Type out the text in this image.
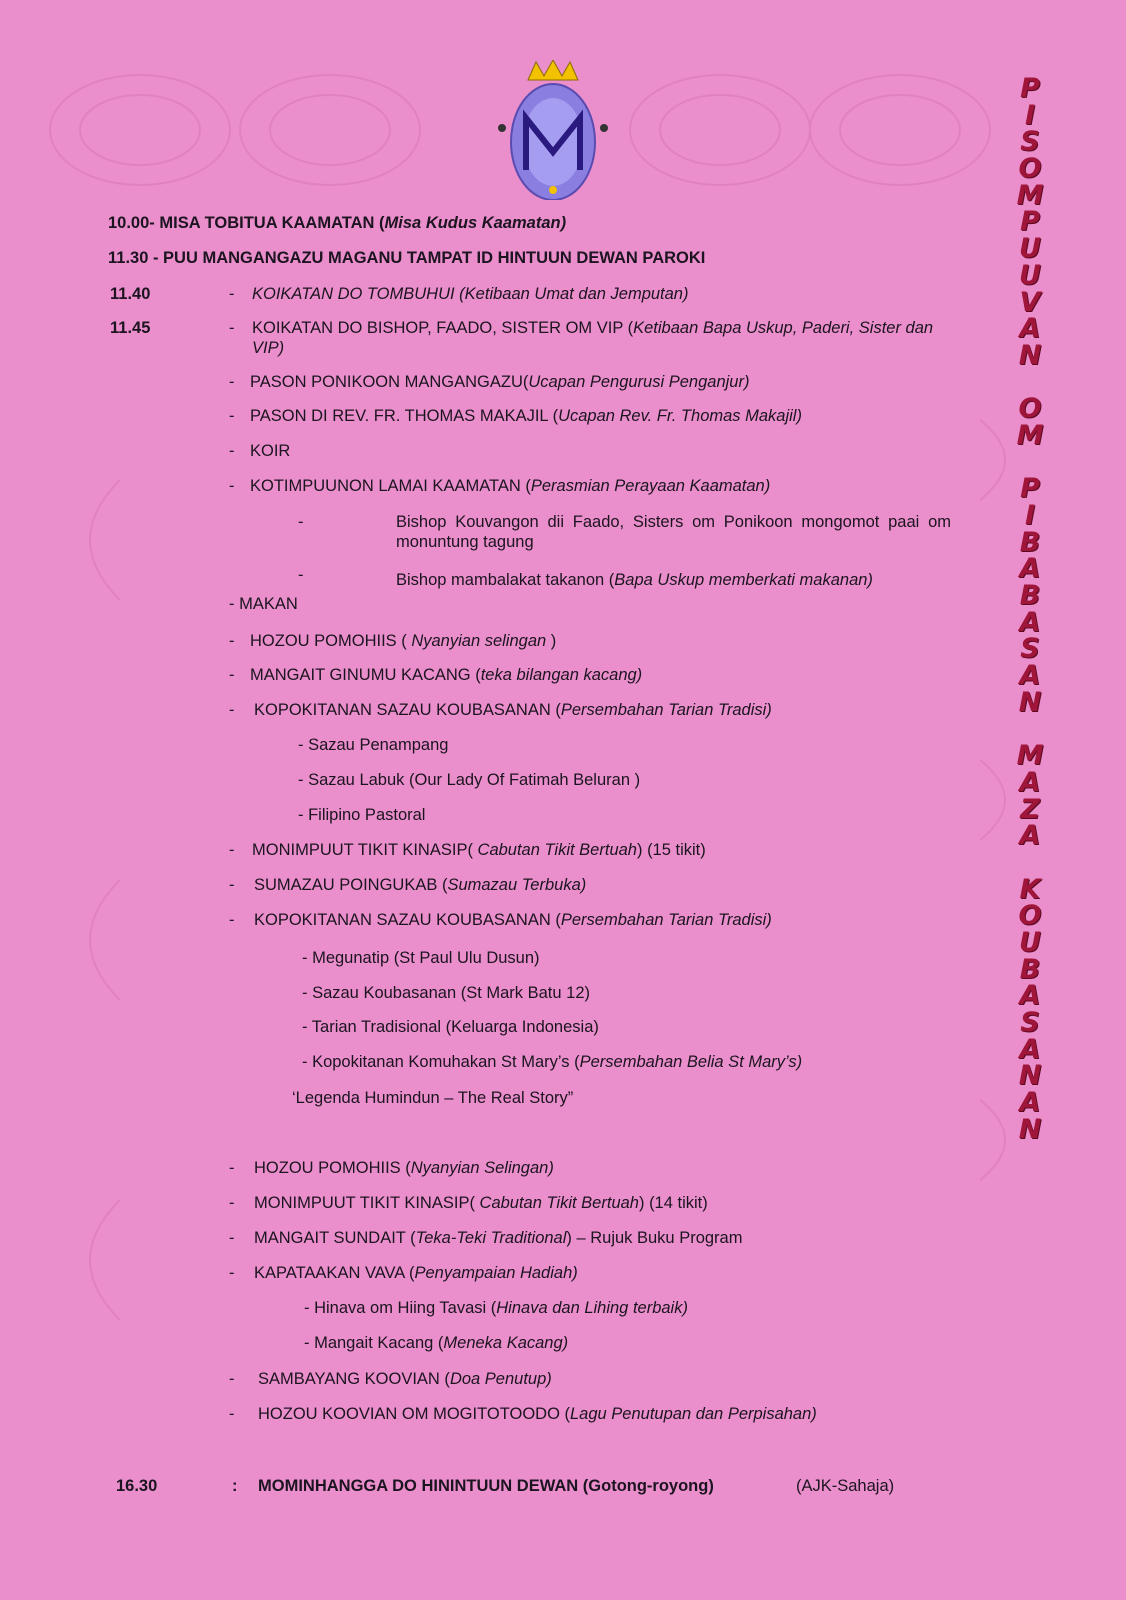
10.00- MISA TOBITUA KAAMATAN (Misa Kudus Kaamatan)
11.30 - PUU MANGANGAZU MAGANU TAMPAT ID HINTUUN DEWAN PAROKI
11.40	- KOIKATAN DO TOMBUHUI (Ketibaan Umat dan Jemputan)
11.45	- KOIKATAN DO BISHOP, FAADO, SISTER OM VIP (Ketibaan Bapa Uskup, Paderi, Sister dan VIP)
- PASON PONIKOON MANGANGAZU(Ucapan Pengurusi Penganjur)
- PASON DI REV. FR. THOMAS MAKAJIL (Ucapan Rev. Fr. Thomas Makajil)
- KOIR
- KOTIMPUUNON LAMAI KAAMATAN (Perasmian Perayaan Kaamatan)
-	Bishop Kouvangon dii Faado, Sisters om Ponikoon mongomot paai om monuntung tagung
-	Bishop mambalakat takanon (Bapa Uskup memberkati makanan)
- MAKAN
- HOZOU POMOHIIS ( Nyanyian selingan )
- MANGAIT GINUMU KACANG (teka bilangan kacang)
- KOPOKITANAN SAZAU KOUBASANAN (Persembahan Tarian Tradisi)
- Sazau Penampang
- Sazau Labuk (Our Lady Of Fatimah Beluran )
- Filipino Pastoral
- MONIMPUUT TIKIT KINASIP( Cabutan Tikit Bertuah) (15 tikit)
- SUMAZAU POINGUKAB (Sumazau Terbuka)
- KOPOKITANAN SAZAU KOUBASANAN (Persembahan Tarian Tradisi)
- Megunatip (St Paul Ulu Dusun)
- Sazau Koubasanan (St Mark Batu 12)
- Tarian Tradisional (Keluarga Indonesia)
- Kopokitanan Komuhakan St Mary’s (Persembahan Belia St Mary’s)
‘Legenda Humindun – The Real Story”
- HOZOU POMOHIIS (Nyanyian Selingan)
- MONIMPUUT TIKIT KINASIP( Cabutan Tikit Bertuah) (14 tikit)
- MANGAIT SUNDAIT (Teka-Teki Traditional) – Rujuk Buku Program
- KAPATAAKAN VAVA (Penyampaian Hadiah)
- Hinava om Hiing Tavasi (Hinava dan Lihing terbaik)
- Mangait Kacang (Meneka Kacang)
- SAMBAYANG KOOVIAN (Doa Penutup)
- HOZOU KOOVIAN OM MOGITOTOODO (Lagu Penutupan dan Perpisahan)
16.30	: MOMINHANGGA DO HININTUUN DEWAN (Gotong-royong)	(AJK-Sahaja)
P
I
S
O
M
P
U
U
V
A
N
O
M
P
I
B
A
B
A
S
A
N
M
A
Z
A
K
O
U
B
A
S
A
N
A
N
